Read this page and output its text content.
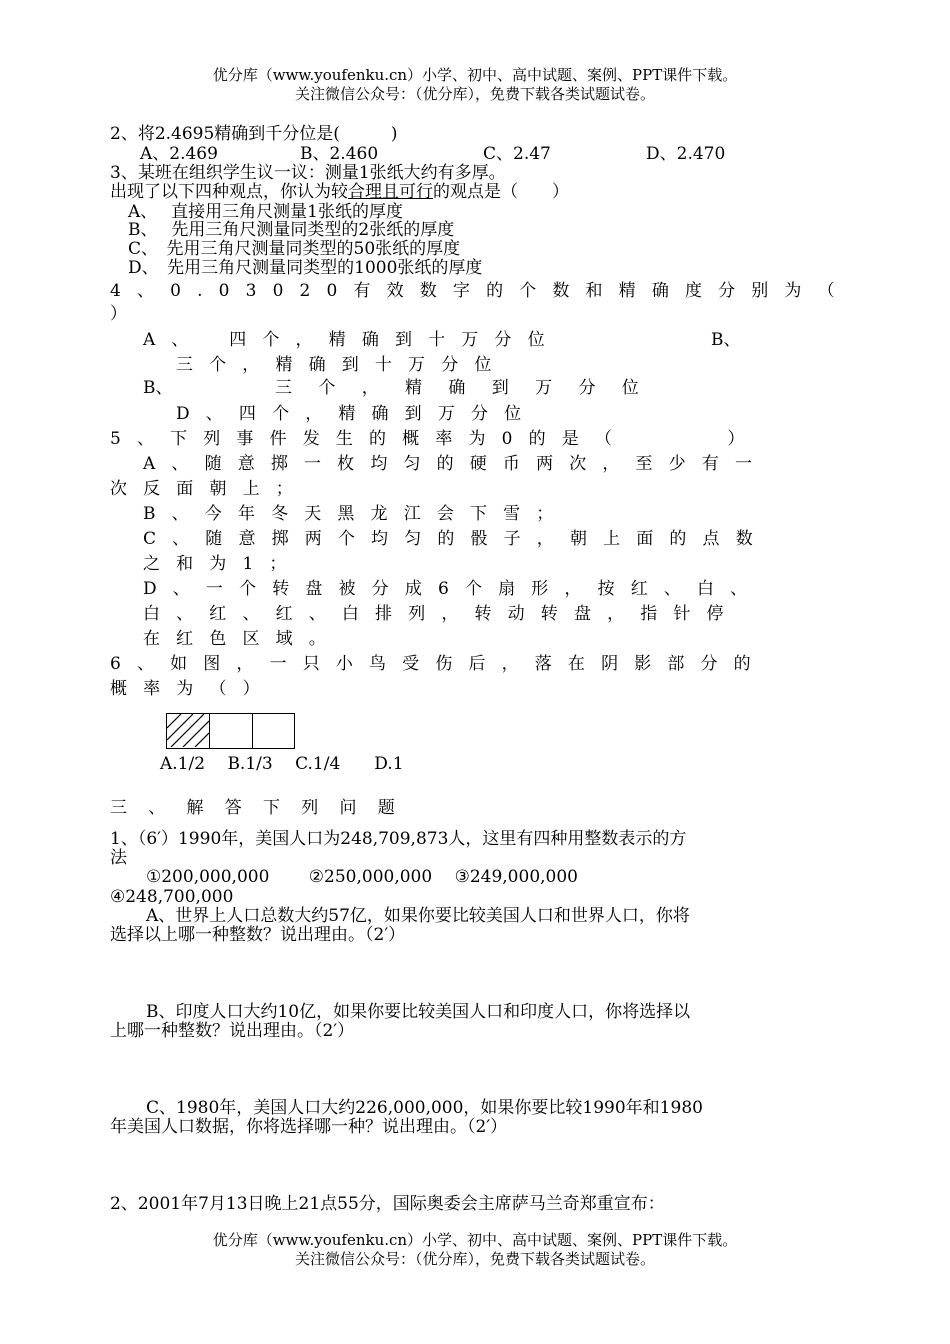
优分库（www.youfenku.cn）小学、初中、高中试题、案例、PPT课件下载。
关注微信公众号：（优分库），免费下载各类试题试卷。
2、将2.4695精确到千分位是(　　　)
A、2.469	B、2.460	C、2.47	D、2.470
3、某班在组织学生议一议：测量1张纸大约有多厚。
出现了以下四种观点，你认为较合理且可行的观点是（　　）
A、　 直接用三角尺测量1张纸的厚度
B、　 先用三角尺测量同类型的2张纸的厚度
C、　先用三角尺测量同类型的50张纸的厚度
D、　先用三角尺测量同类型的1000张纸的厚度
4、0.03020有效数字的个数和精确度分别为（
）
A、　四个，精确到十万分位	B、
三个，精确到十万分位
B、	三个，精确到万分位
D、四个，精确到万分位
5、下列事件发生的概率为0的是（　　　）
A、随意掷一枚均匀的硬币两次，至少有一
次反面朝上；
B、今年冬天黑龙江会下雪；
C、随意掷两个均匀的骰子，朝上面的点数
之和为1；
D、一个转盘被分成6个扇形，按红、白、
白、红、红、白排列，转动转盘，指针停
在红色区域。
6、如图，一只小鸟受伤后，落在阴影部分的
概率为（）
A.1/2　 B.1/3　 C.1/4　　D.1
三、解答下列问题
1、（6′）1990年，美国人口为248,709,873人，这里有四种用整数表示的方
法
①200,000,000　　 ②250,000,000　 ③249,000,000
④248,700,000
A、世界上人口总数大约57亿，如果你要比较美国人口和世界人口，你将
选择以上哪一种整数？说出理由。（2′）
B、印度人口大约10亿，如果你要比较美国人口和印度人口，你将选择以
上哪一种整数？说出理由。（2′）
C、1980年，美国人口大约226,000,000，如果你要比较1990年和1980
年美国人口数据，你将选择哪一种？说出理由。（2′）
2、2001年7月13日晚上21点55分，国际奥委会主席萨马兰奇郑重宣布：
优分库（www.youfenku.cn）小学、初中、高中试题、案例、PPT课件下载。
关注微信公众号：（优分库），免费下载各类试题试卷。
